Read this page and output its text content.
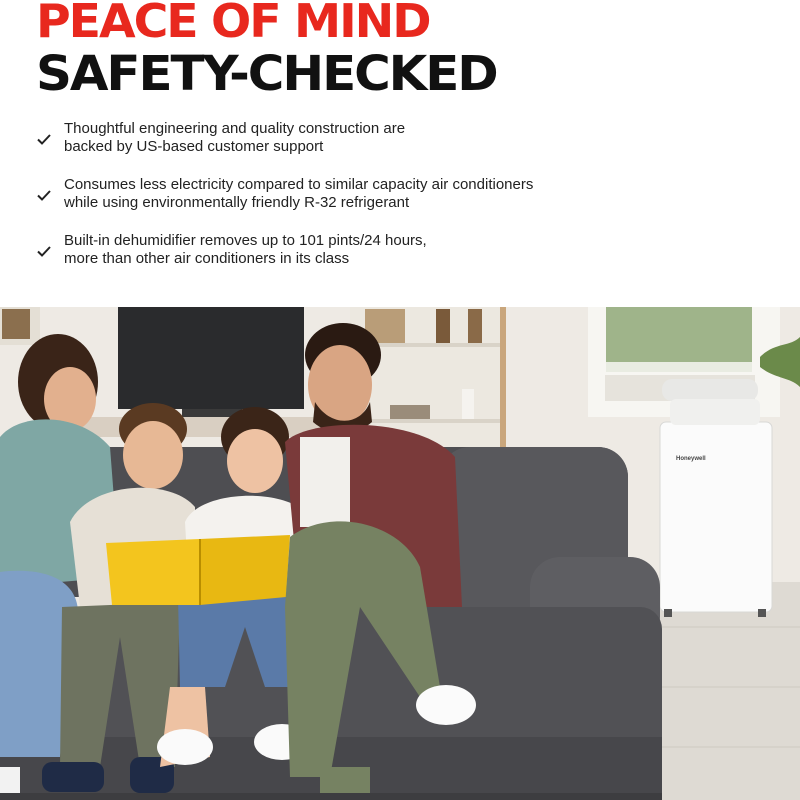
PEACE OF MIND
SAFETY-CHECKED
Thoughtful engineering and quality construction are
backed by US-based customer support
Consumes less electricity compared to similar capacity air conditioners
while using environmentally friendly R-32 refrigerant
Built-in dehumidifier removes up to 101 pints/24 hours,
more than other air conditioners in its class
Honeywell
